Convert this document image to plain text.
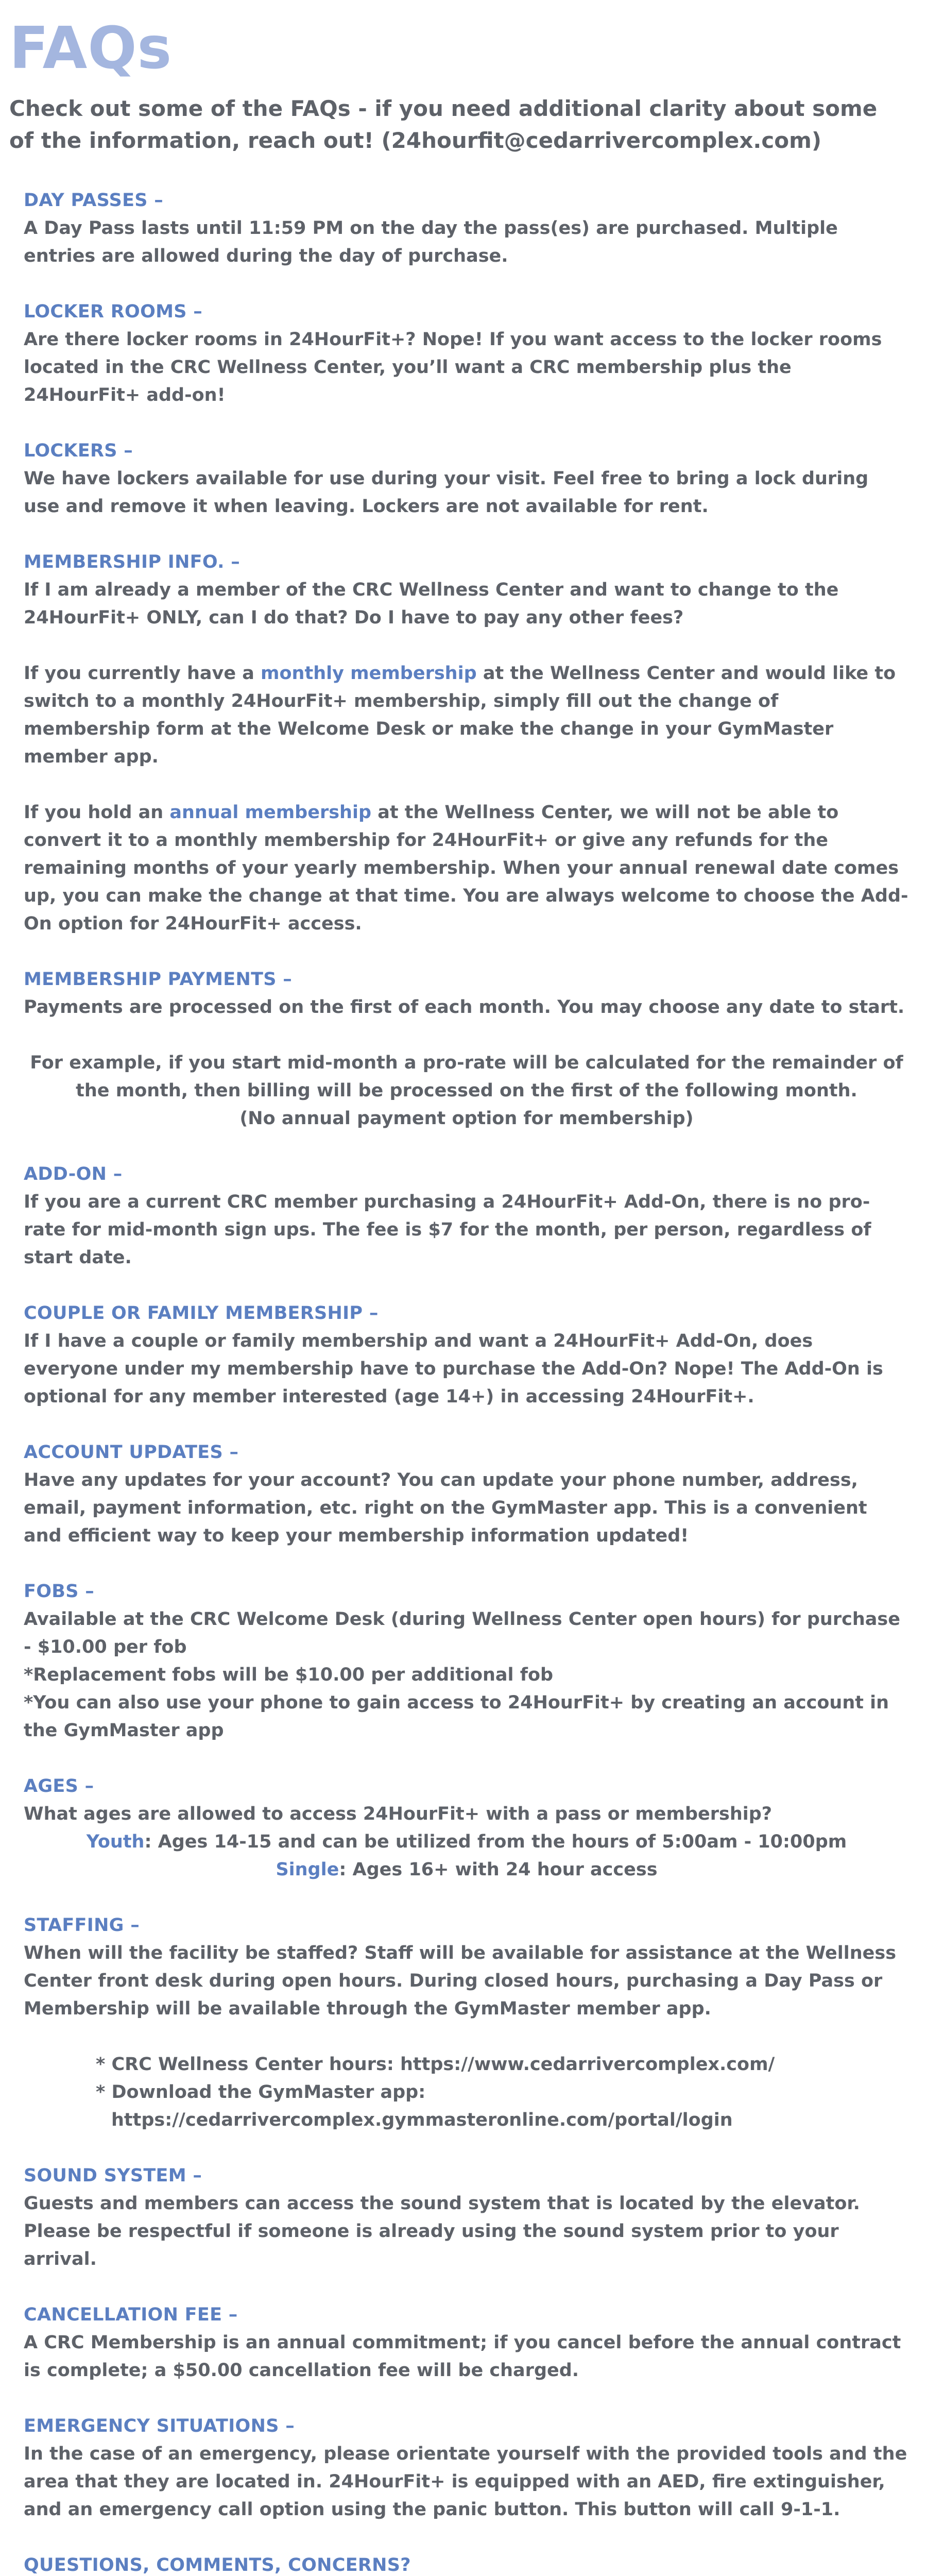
FAQs

Check out some of the FAQs - if you need additional clarity about some of the information, reach out! (24hourfit@cedarrivercomplex.com)

DAY PASSES –

A Day Pass lasts until 11:59 PM on the day the pass(es) are purchased. Multiple entries are allowed during the day of purchase.

LOCKER ROOMS –

Are there locker rooms in 24HourFit+? Nope! If you want access to the locker rooms located in the CRC Wellness Center, you’ll want a CRC membership plus the 24HourFit+ add-on!

LOCKERS –

We have lockers available for use during your visit. Feel free to bring a lock during use and remove it when leaving. Lockers are not available for rent.

MEMBERSHIP INFO. –

If I am already a member of the CRC Wellness Center and want to change to the 24HourFit+ ONLY, can I do that? Do I have to pay any other fees?

If you currently have a monthly membership at the Wellness Center and would like to switch to a monthly 24HourFit+ membership, simply fill out the change of membership form at the Welcome Desk or make the change in your GymMaster member app.

If you hold an annual membership at the Wellness Center, we will not be able to convert it to a monthly membership for 24HourFit+ or give any refunds for the remaining months of your yearly membership. When your annual renewal date comes up, you can make the change at that time. You are always welcome to choose the Add-On option for 24HourFit+ access.

MEMBERSHIP PAYMENTS –

Payments are processed on the first of each month. You may choose any date to start.

For example, if you start mid-month a pro-rate will be calculated for the remainder of the month, then billing will be processed on the first of the following month.

(No annual payment option for membership)

ADD-ON –

If you are a current CRC member purchasing a 24HourFit+ Add-On, there is no pro-rate for mid-month sign ups. The fee is $7 for the month, per person, regardless of start date.

COUPLE OR FAMILY MEMBERSHIP –

If I have a couple or family membership and want a 24HourFit+ Add-On, does everyone under my membership have to purchase the Add-On? Nope! The Add-On is optional for any member interested (age 14+) in accessing 24HourFit+.

ACCOUNT UPDATES –

Have any updates for your account? You can update your phone number, address, email, payment information, etc. right on the GymMaster app. This is a convenient and efficient way to keep your membership information updated!

FOBS –

Available at the CRC Welcome Desk (during Wellness Center open hours) for purchase - $10.00 per fob

*Replacement fobs will be $10.00 per additional fob

*You can also use your phone to gain access to 24HourFit+ by creating an account in the GymMaster app

AGES –

What ages are allowed to access 24HourFit+ with a pass or membership?

Youth: Ages 14-15 and can be utilized from the hours of 5:00am - 10:00pm

Single: Ages 16+ with 24 hour access

STAFFING –

When will the facility be staffed? Staff will be available for assistance at the Wellness Center front desk during open hours. During closed hours, purchasing a Day Pass or Membership will be available through the GymMaster member app.

* CRC Wellness Center hours: https://www.cedarrivercomplex.com/

* Download the GymMaster app:

https://cedarrivercomplex.gymmasteronline.com/portal/login

SOUND SYSTEM –

Guests and members can access the sound system that is located by the elevator. Please be respectful if someone is already using the sound system prior to your arrival.

CANCELLATION FEE –

A CRC Membership is an annual commitment; if you cancel before the annual contract is complete; a $50.00 cancellation fee will be charged.

EMERGENCY SITUATIONS –

In the case of an emergency, please orientate yourself with the provided tools and the area that they are located in. 24HourFit+ is equipped with an AED, fire extinguisher, and an emergency call option using the panic button. This button will call 9-1-1.

QUESTIONS, COMMENTS, CONCERNS?
